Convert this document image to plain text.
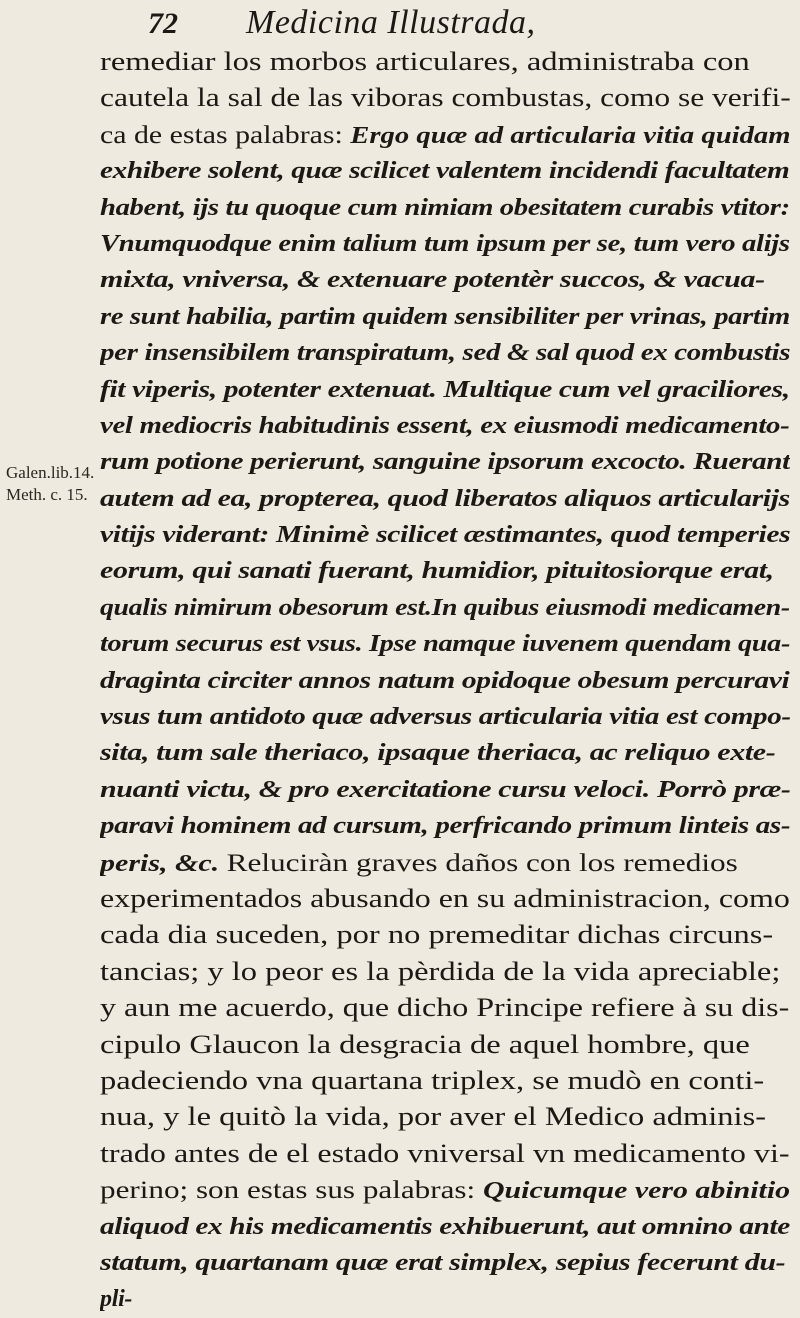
72 Medicina Illustrada,
Galen.lib.14.
Meth. c. 15.
remediar los morbos articulares, administraba con
cautela la sal de las viboras combustas, como se verifi-
ca de estas palabras: Ergo quæ ad articularia vitia quidam
exhibere solent, quæ scilicet valentem incidendi facultatem
habent, ijs tu quoque cum nimiam obesitatem curabis vtitor:
Vnumquodque enim talium tum ipsum per se, tum vero alijs
mixta, vniversa, & extenuare potentèr succos, & vacua-
re sunt habilia, partim quidem sensibiliter per vrinas, partim
per insensibilem transpiratum, sed & sal quod ex combustis
fit viperis, potenter extenuat. Multique cum vel graciliores,
vel mediocris habitudinis essent, ex eiusmodi medicamento-
rum potione perierunt, sanguine ipsorum excocto. Ruerant
autem ad ea, propterea, quod liberatos aliquos articularijs
vitijs viderant: Minimè scilicet æstimantes, quod temperies
eorum, qui sanati fuerant, humidior, pituitosiorque erat,
qualis nimirum obesorum est.In quibus eiusmodi medicamen-
torum securus est vsus. Ipse namque iuvenem quendam qua-
draginta circiter annos natum opidoque obesum percuravi
vsus tum antidoto quæ adversus articularia vitia est compo-
sita, tum sale theriaco, ipsaque theriaca, ac reliquo exte-
nuanti victu, & pro exercitatione cursu veloci. Porrò præ-
paravi hominem ad cursum, perfricando primum linteis as-
peris, &c. Reluciràn graves daños con los remedios
experimentados abusando en su administracion, como
cada dia suceden, por no premeditar dichas circuns-
tancias; y lo peor es la pèrdida de la vida apreciable;
y aun me acuerdo, que dicho Principe refiere à su dis-
cipulo Glaucon la desgracia de aquel hombre, que
padeciendo vna quartana triplex, se mudò en conti-
nua, y le quitò la vida, por aver el Medico adminis-
trado antes de el estado vniversal vn medicamento vi-
perino; son estas sus palabras: Quicumque vero abinitio
aliquod ex his medicamentis exhibuerunt, aut omnino ante
statum, quartanam quæ erat simplex, sepius fecerunt du-
pli-
